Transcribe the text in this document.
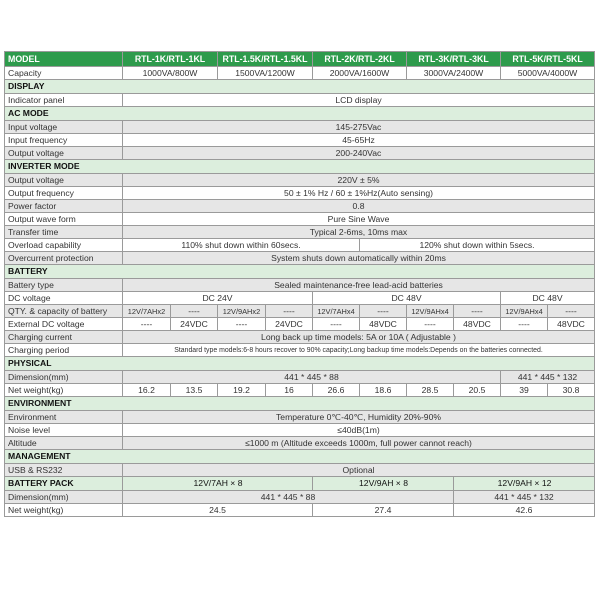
MODEL	RTL-1K/RTL-1KL		RTL-1.5K/RTL-1.5KL		RTL-2K/RTL-2KL		RTL-3K/RTL-3KL		RTL-5K/RTL-5KL	
Capacity	1000VA/800W		1500VA/1200W		2000VA/1600W		3000VA/2400W		5000VA/4000W	
DISPLAY										
Indicator panel	LCD display									
AC MODE										
Input voltage	145-275Vac									
Input frequency	45-65Hz									
Output voltage	200-240Vac									
INVERTER MODE										
Output voltage	220V ± 5%									
Output frequency	50 ± 1% Hz / 60 ± 1%Hz(Auto sensing)									
Power factor	0.8									
Output wave form	Pure Sine Wave									
Transfer time	Typical 2-6ms, 10ms max									
Overload capability	110% shut down within 60secs.					120% shut down within 5secs.				
Overcurrent protection	System shuts down automatically within 20ms									
BATTERY										
Battery type	Sealed maintenance-free lead-acid batteries									
DC voltage	DC 24V				DC 48V				DC 48V	
QTY. & capacity of battery	12V/7AHx2	----	12V/9AHx2	----	12V/7AHx4	----	12V/9AHx4	----	12V/9AHx4	----
External DC voltage	----	24VDC	----	24VDC	----	48VDC	----	48VDC	----	48VDC
Charging current	Long back up time models: 5A or 10A ( Adjustable )									
Charging period	Standard type models:6-8 hours recover to 90% capacity;Long backup time models:Depends on the batteries connected.									
PHYSICAL										
Dimension(mm)	441 * 445 * 88								441 * 445 * 132	
Net weight(kg)	16.2	13.5	19.2	16	26.6	18.6	28.5	20.5	39	30.8
ENVIRONMENT										
Environment	Temperature 0℃-40℃, Humidity 20%-90%									
Noise level	≤40dB(1m)									
Altitude	≤1000 m (Altitude exceeds 1000m, full power cannot reach)									
MANAGEMENT										
USB & RS232	Optional									
BATTERY PACK	12V/7AH × 8				12V/9AH × 8			12V/9AH × 12		
Dimension(mm)	441 * 445 * 88							441 * 445 * 132		
Net weight(kg)	24.5				27.4			42.6		
